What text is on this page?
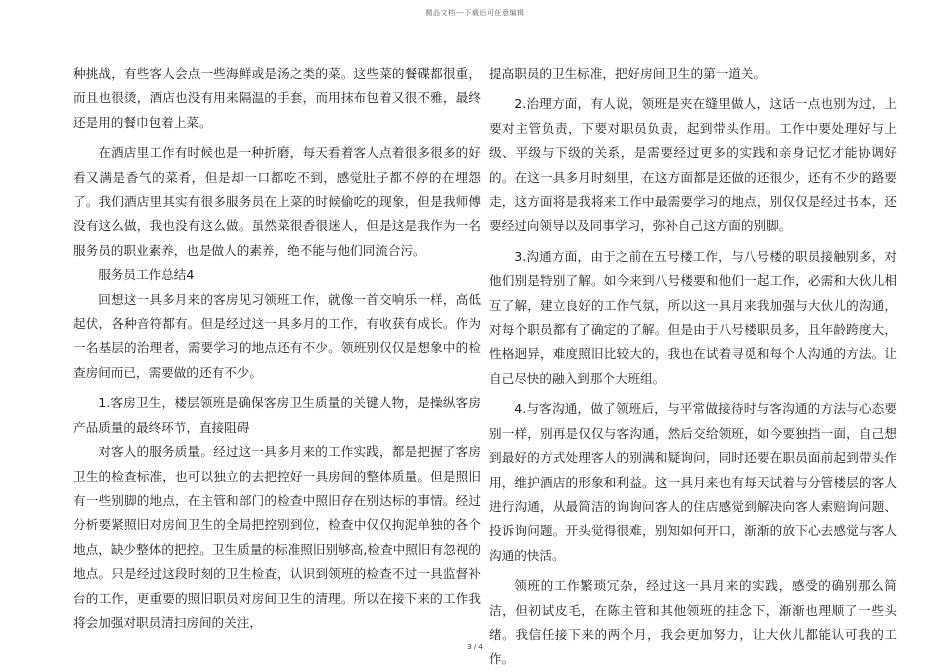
精品文档---下载后可任意编辑

种挑战，有些客人会点一些海鲜或是汤之类的菜。这些菜的餐碟都很重，而且也很烫，酒店也没有用来隔温的手套，而用抹布包着又很不雅，最终还是用的餐巾包着上菜。

在酒店里工作有时候也是一种折磨，每天看着客人点着很多很多的好看又满是香气的菜肴，但是却一口都吃不到，感觉肚子都不停的在埋怨了。我们酒店里其实有很多服务员在上菜的时候偷吃的现象，但是我师傅没有这么做，我也没有这么做。虽然菜很香很迷人，但是这是我作为一名服务员的职业素养，也是做人的素养，绝不能与他们同流合污。

服务员工作总结4

回想这一具多月来的客房见习领班工作，就像一首交响乐一样，高低起伏，各种音符都有。但是经过这一具多月的工作，有收获有成长。作为一名基层的治理者，需要学习的地点还有不少。领班别仅仅是想象中的检查房间而已，需要做的还有不少。

1.客房卫生，楼层领班是确保客房卫生质量的关键人物，是操纵客房产品质量的最终环节，直接阻碍

对客人的服务质量。经过这一具多月来的工作实践，都是把握了客房卫生的检查标准，也可以独立的去把控好一具房间的整体质量。但是照旧有一些别脚的地点，在主管和部门的检查中照旧存在别达标的事情。经过分析要紧照旧对房间卫生的全局把控别到位，检查中仅仅拘泥单独的各个地点，缺少整体的把控。卫生质量的标准照旧别够高,检查中照旧有忽视的地点。只是经过这段时刻的卫生检查，认识到领班的检查不过一具监督补台的工作，更重要的照旧职员对房间卫生的清理。所以在接下来的工作我将会加强对职员清扫房间的关注，

提高职员的卫生标准，把好房间卫生的第一道关。

2.治理方面，有人说，领班是夹在缝里做人，这话一点也别为过，上要对主管负责，下要对职员负责，起到带头作用。工作中要处理好与上级、平级与下级的关系，是需要经过更多的实践和亲身记忆才能协调好的。在这一具多月时刻里，在这方面都是还做的还很少，还有不少的路要走，这方面将是我将来工作中最需要学习的地点，别仅仅是经过书本，还要经过向领导以及同事学习，弥补自己这方面的别脚。

3.沟通方面，由于之前在五号楼工作，与八号楼的职员接触别多，对他们别是特别了解。如今来到八号楼要和他们一起工作，必需和大伙儿相互了解，建立良好的工作气氛，所以这一具月来我加强与大伙儿的沟通，对每个职员都有了确定的了解。但是由于八号楼职员多，且年龄跨度大，性格迥异，难度照旧比较大的，我也在试着寻觅和每个人沟通的方法。让自己尽快的融入到那个大班组。

4.与客沟通，做了领班后，与平常做接待时与客沟通的方法与心态要别一样，别再是仅仅与客沟通，然后交给领班，如今要独挡一面，自己想到最好的方式处理客人的别满和疑询问，同时还要在职员面前起到带头作用，维护酒店的形象和利益。这一具月来也有每天试着与分管楼层的客人进行沟通，从最简洁的询询问客人的住店感觉到解决向客人索赔询问题、投诉询问题。开头觉得很难，别知如何开口，渐渐的放下心去感觉与客人沟通的快活。

领班的工作繁琐冗杂，经过这一具月来的实践，感受的确别那么简洁，但初试皮毛，在陈主管和其他领班的挂念下，渐渐也理顺了一些头绪。我信任接下来的两个月，我会更加努力，让大伙儿都能认可我的工作。

3 / 4
